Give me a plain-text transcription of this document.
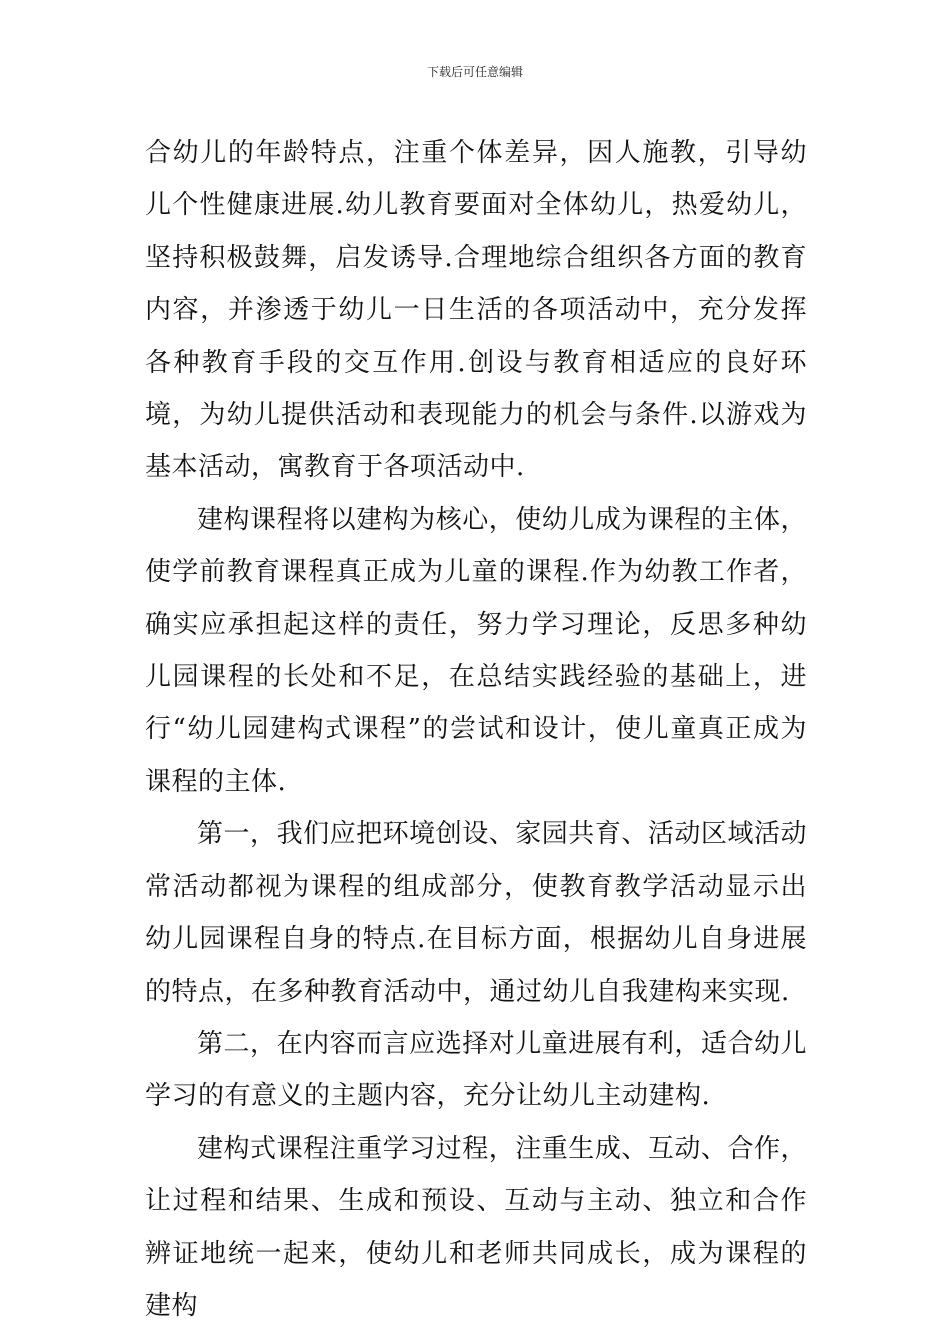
下载后可任意编辑

合幼儿的年龄特点，注重个体差异，因人施教，引导幼儿个性健康进展.幼儿教育要面对全体幼儿，热爱幼儿，坚持积极鼓舞，启发诱导.合理地综合组织各方面的教育内容，并渗透于幼儿一日生活的各项活动中，充分发挥各种教育手段的交互作用.创设与教育相适应的良好环境，为幼儿提供活动和表现能力的机会与条件.以游戏为基本活动，寓教育于各项活动中.

建构课程将以建构为核心，使幼儿成为课程的主体，使学前教育课程真正成为儿童的课程.作为幼教工作者，确实应承担起这样的责任，努力学习理论，反思多种幼儿园课程的长处和不足，在总结实践经验的基础上，进行“幼儿园建构式课程”的尝试和设计，使儿童真正成为课程的主体.

第一，我们应把环境创设、家园共育、活动区域活动常活动都视为课程的组成部分，使教育教学活动显示出幼儿园课程自身的特点.在目标方面，根据幼儿自身进展的特点，在多种教育活动中，通过幼儿自我建构来实现.

第二，在内容而言应选择对儿童进展有利，适合幼儿学习的有意义的主题内容，充分让幼儿主动建构.

建构式课程注重学习过程，注重生成、互动、合作，让过程和结果、生成和预设、互动与主动、独立和合作辨证地统一起来，使幼儿和老师共同成长，成为课程的建构
